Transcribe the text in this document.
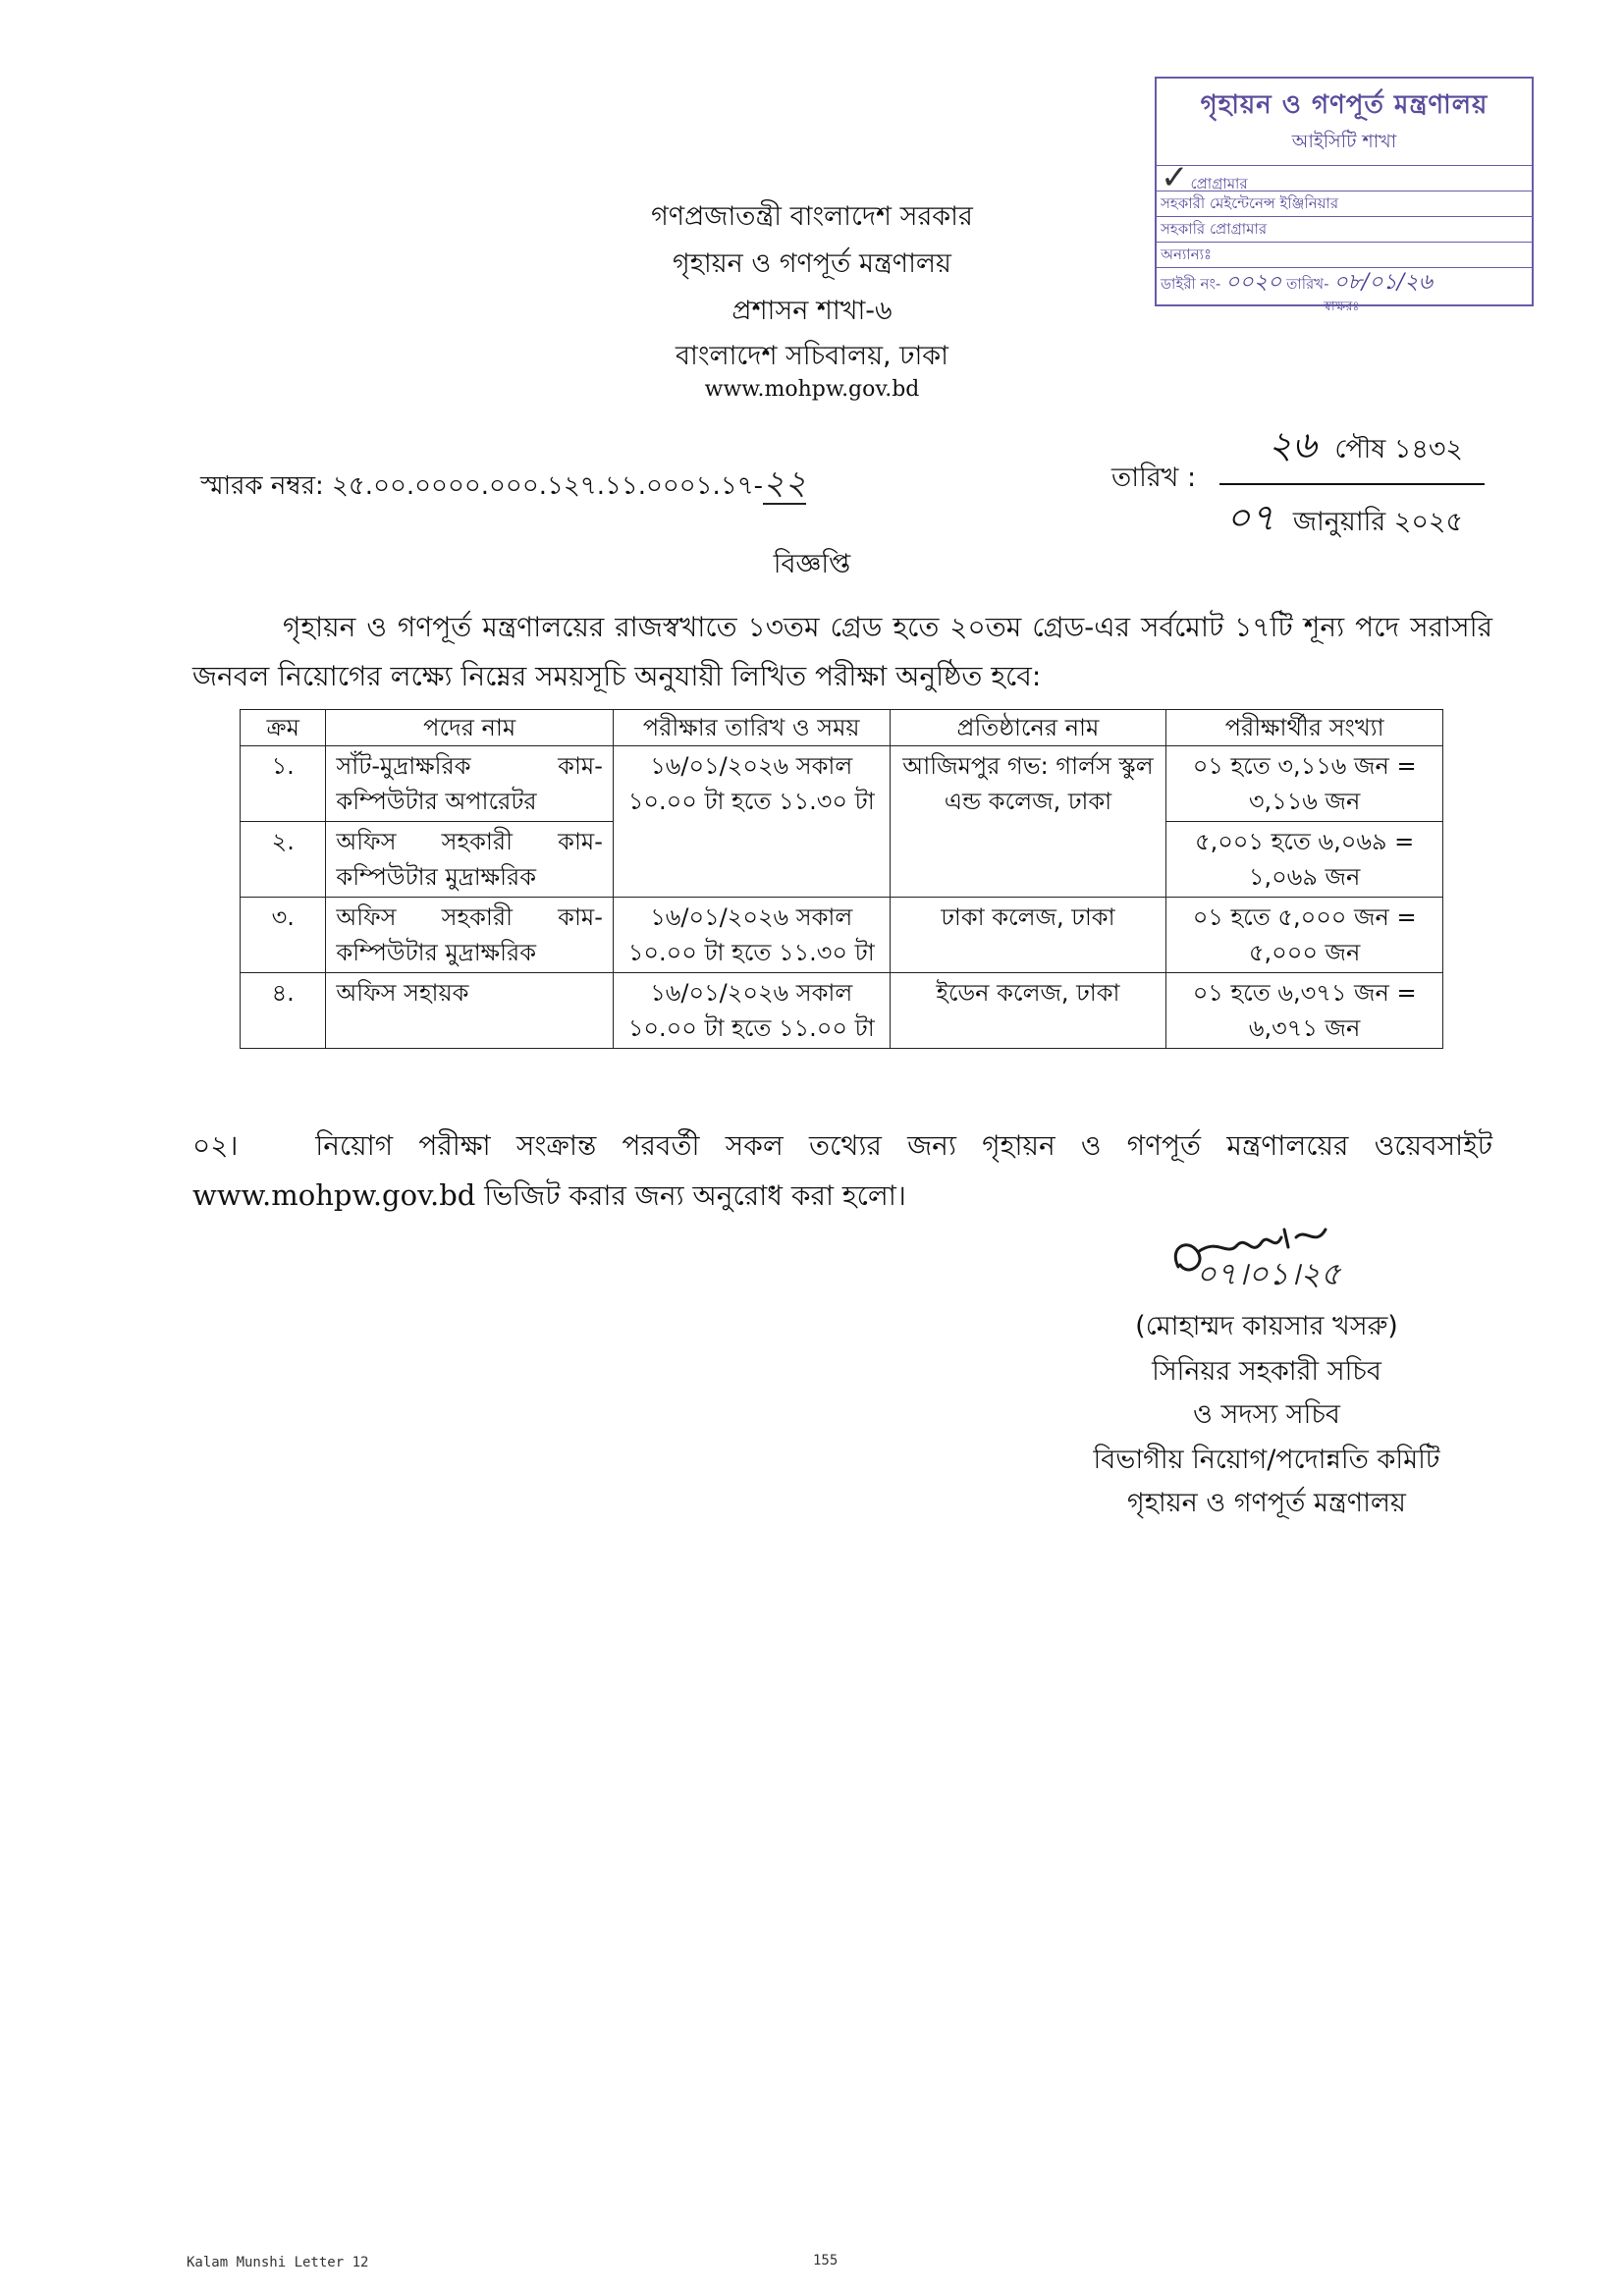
গৃহায়ন ও গণপূর্ত মন্ত্রণালয়
আইসিটি শাখা
✓ প্রোগ্রামার
সহকারী মেইন্টেনেন্স ইঞ্জিনিয়ার
সহকারি প্রোগ্রামার
অন্যান্যঃ
ডাইরী নং- ০০২০ তারিখ- ০৮/০১/২৬
স্বাক্ষরঃ
গণপ্রজাতন্ত্রী বাংলাদেশ সরকার
গৃহায়ন ও গণপূর্ত মন্ত্রণালয়
প্রশাসন শাখা-৬
বাংলাদেশ সচিবালয়, ঢাকা
www.mohpw.gov.bd
স্মারক নম্বর: ২৫.০০.০০০০.০০০.১২৭.১১.০০০১.১৭-২২	তারিখ :
২৬ পৌষ ১৪৩২
০৭ জানুয়ারি ২০২৫
বিজ্ঞপ্তি
গৃহায়ন ও গণপূর্ত মন্ত্রণালয়ের রাজস্বখাতে ১৩তম গ্রেড হতে ২০তম গ্রেড-এর সর্বমোট ১৭টি শূন্য পদে সরাসরি জনবল নিয়োগের লক্ষ্যে নিম্নের সময়সূচি অনুযায়ী লিখিত পরীক্ষা অনুষ্ঠিত হবে:
ক্রম	পদের নাম	পরীক্ষার তারিখ ও সময়	প্রতিষ্ঠানের নাম	পরীক্ষার্থীর সংখ্যা
১.	সাঁট-মুদ্রাক্ষরিক কাম-কম্পিউটার অপারেটর	১৬/০১/২০২৬ সকাল ১০.০০ টা হতে ১১.৩০ টা	আজিমপুর গভ: গার্লস স্কুল এন্ড কলেজ, ঢাকা	০১ হতে ৩,১১৬ জন = ৩,১১৬ জন
২.	অফিস সহকারী কাম-কম্পিউটার মুদ্রাক্ষরিক			৫,০০১ হতে ৬,০৬৯ = ১,০৬৯ জন
৩.	অফিস সহকারী কাম-কম্পিউটার মুদ্রাক্ষরিক	১৬/০১/২০২৬ সকাল ১০.০০ টা হতে ১১.৩০ টা	ঢাকা কলেজ, ঢাকা	০১ হতে ৫,০০০ জন = ৫,০০০ জন
৪.	অফিস সহায়ক	১৬/০১/২০২৬ সকাল ১০.০০ টা হতে ১১.০০ টা	ইডেন কলেজ, ঢাকা	০১ হতে ৬,৩৭১ জন = ৬,৩৭১ জন
০২।	নিয়োগ পরীক্ষা সংক্রান্ত পরবর্তী সকল তথ্যের জন্য গৃহায়ন ও গণপূর্ত মন্ত্রণালয়ের ওয়েবসাইট www.mohpw.gov.bd ভিজিট করার জন্য অনুরোধ করা হলো।
০৭।০১।২৫
(মোহাম্মদ কায়সার খসরু)
সিনিয়র সহকারী সচিব
ও সদস্য সচিব
বিভাগীয় নিয়োগ/পদোন্নতি কমিটি
গৃহায়ন ও গণপূর্ত মন্ত্রণালয়
Kalam Munshi Letter 12	155
